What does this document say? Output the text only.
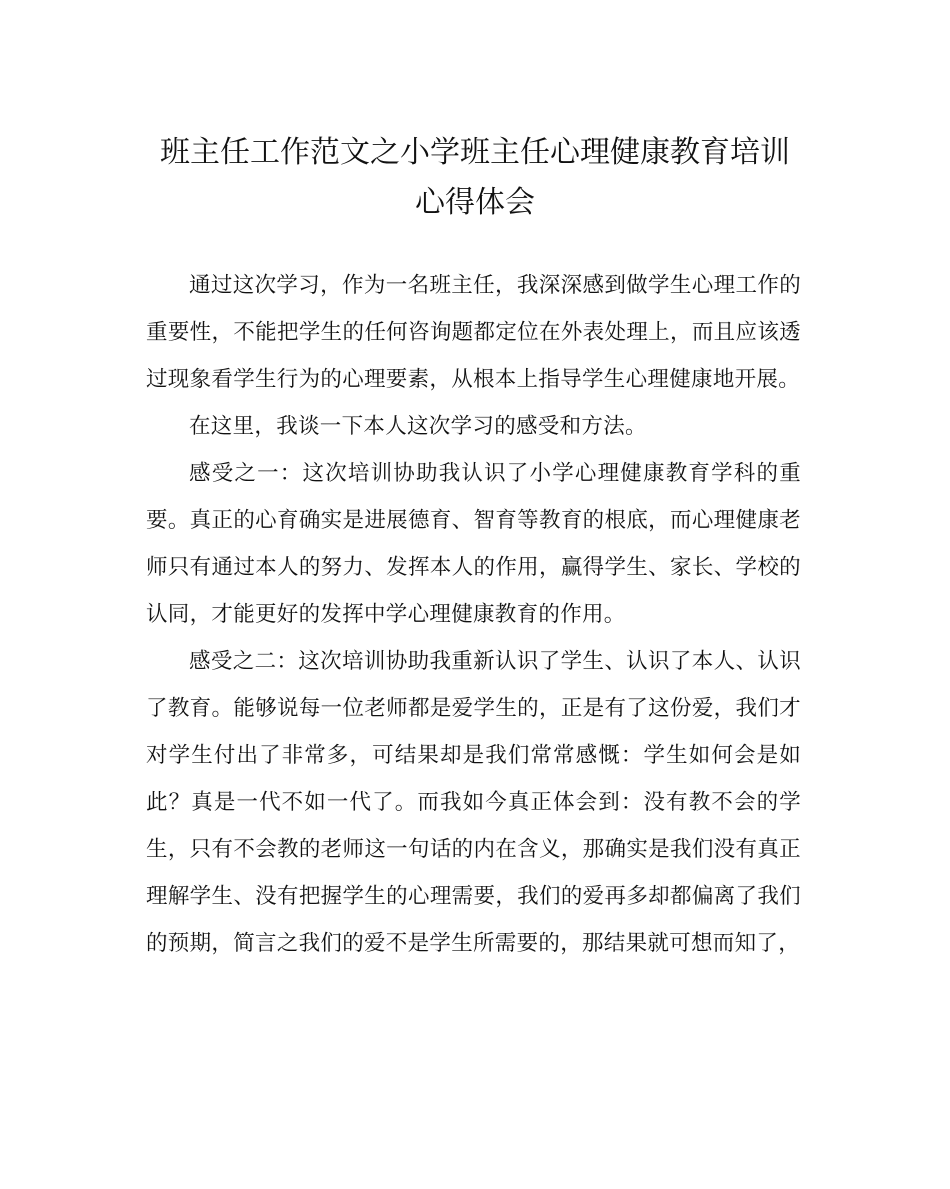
班主任工作范文之小学班主任心理健康教育培训心得体会

通过这次学习，作为一名班主任，我深深感到做学生心理工作的重要性，不能把学生的任何咨询题都定位在外表处理上，而且应该透过现象看学生行为的心理要素，从根本上指导学生心理健康地开展。

在这里，我谈一下本人这次学习的感受和方法。

感受之一：这次培训协助我认识了小学心理健康教育学科的重要。真正的心育确实是进展德育、智育等教育的根底，而心理健康老师只有通过本人的努力、发挥本人的作用，赢得学生、家长、学校的认同，才能更好的发挥中学心理健康教育的作用。

感受之二：这次培训协助我重新认识了学生、认识了本人、认识了教育。能够说每一位老师都是爱学生的，正是有了这份爱，我们才对学生付出了非常多，可结果却是我们常常感慨：学生如何会是如此？真是一代不如一代了。而我如今真正体会到：没有教不会的学生，只有不会教的老师这一句话的内在含义，那确实是我们没有真正理解学生、没有把握学生的心理需要，我们的爱再多却都偏离了我们的预期，简言之我们的爱不是学生所需要的，那结果就可想而知了，
